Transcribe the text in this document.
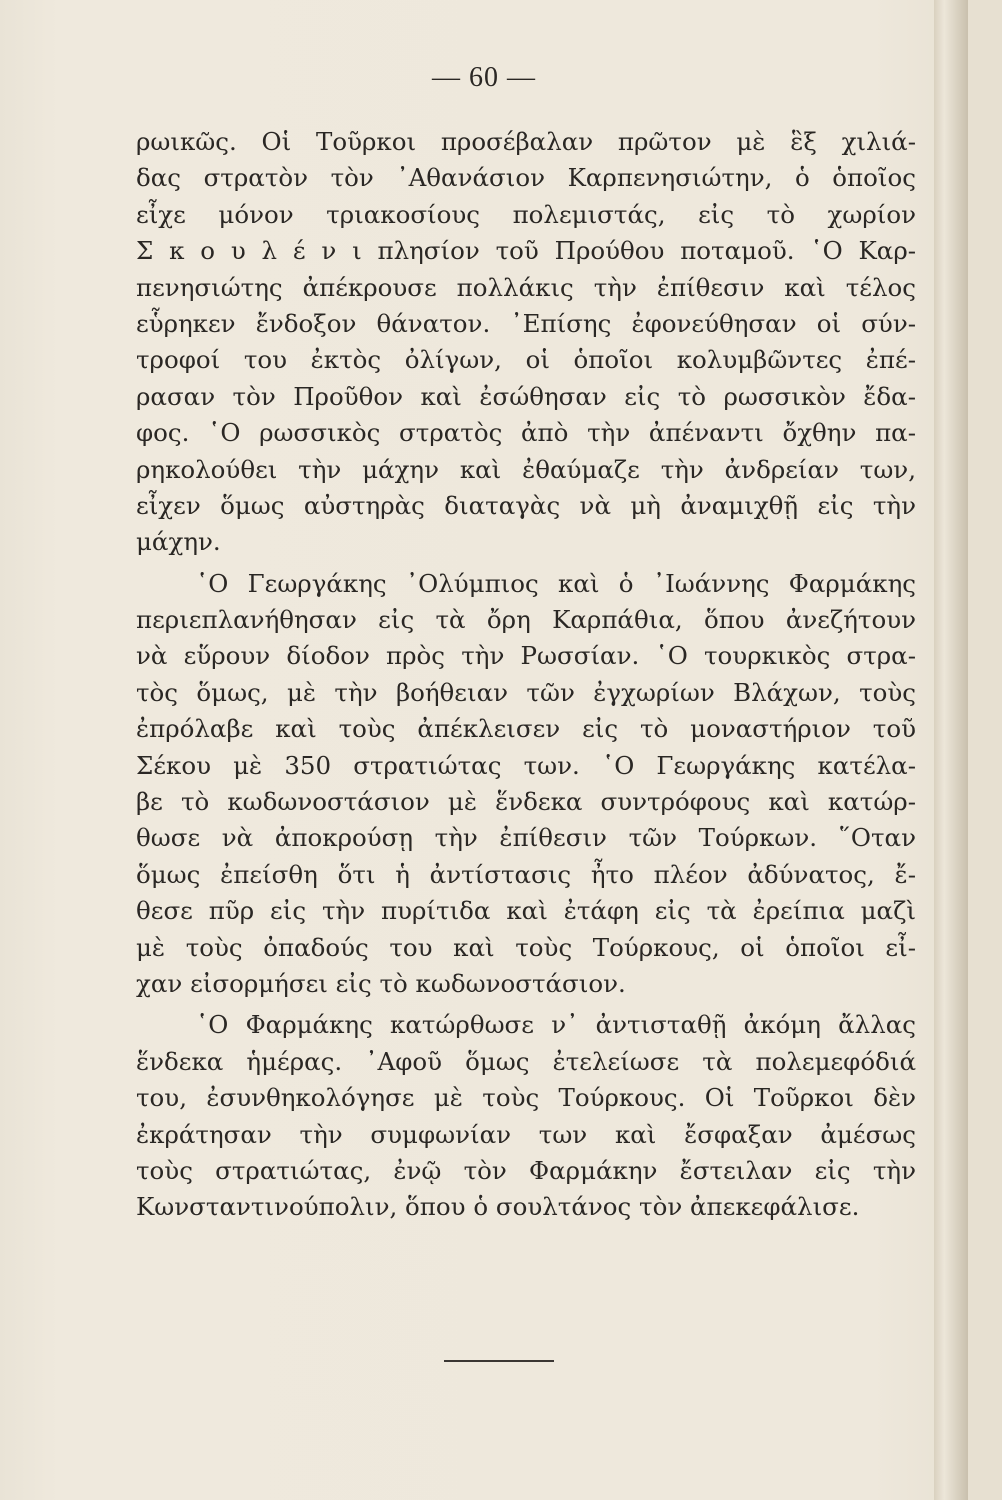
— 60 —

ρωικῶς. Οἱ Τοῦρκοι προσέβαλαν πρῶτον μὲ ἓξ χιλιά-
δας στρατὸν τὸν ᾿Αθανάσιον Καρπενησιώτην, ὁ ὁποῖος
εἶχε μόνον τριακοσίους πολεμιστάς, εἰς τὸ χωρίον
Σ κ ο υ λ έ ν ι πλησίον τοῦ Προύθου ποταμοῦ. ῾Ο Καρ-
πενησιώτης ἀπέκρουσε πολλάκις τὴν ἐπίθεσιν καὶ τέλος
εὗρηκεν ἔνδοξον θάνατον. ᾿Επίσης ἐφονεύθησαν οἱ σύν-
τροφοί του ἐκτὸς ὀλίγων, οἱ ὁποῖοι κολυμβῶντες ἐπέ-
ρασαν τὸν Προῦθον καὶ ἐσώθησαν εἰς τὸ ρωσσικὸν ἔδα-
φος. ῾Ο ρωσσικὸς στρατὸς ἀπὸ τὴν ἀπέναντι ὄχθην πα-
ρηκολούθει τὴν μάχην καὶ ἐθαύμαζε τὴν ἀνδρείαν των,
εἶχεν ὅμως αὐστηρὰς διαταγὰς νὰ μὴ ἀναμιχθῇ εἰς τὴν
μάχην.
῾Ο Γεωργάκης ᾿Ολύμπιος καὶ ὁ ᾿Ιωάννης Φαρμάκης
περιεπλανήθησαν εἰς τὰ ὄρη Καρπάθια, ὅπου ἀνεζήτουν
νὰ εὕρουν δίοδον πρὸς τὴν Ρωσσίαν. ῾Ο τουρκικὸς στρα-
τὸς ὅμως, μὲ τὴν βοήθειαν τῶν ἐγχωρίων Βλάχων, τοὺς
ἐπρόλαβε καὶ τοὺς ἀπέκλεισεν εἰς τὸ μοναστήριον τοῦ
Σέκου μὲ 350 στρατιώτας των. ῾Ο Γεωργάκης κατέλα-
βε τὸ κωδωνοστάσιον μὲ ἕνδεκα συντρόφους καὶ κατώρ-
θωσε νὰ ἀποκρούσῃ τὴν ἐπίθεσιν τῶν Τούρκων. ῞Οταν
ὅμως ἐπείσθη ὅτι ἡ ἀντίστασις ἦτο πλέον ἀδύνατος, ἔ-
θεσε πῦρ εἰς τὴν πυρίτιδα καὶ ἐτάφη εἰς τὰ ἐρείπια μαζὶ
μὲ τοὺς ὀπαδούς του καὶ τοὺς Τούρκους, οἱ ὁποῖοι εἶ-
χαν εἰσορμήσει εἰς τὸ κωδωνοστάσιον.
῾Ο Φαρμάκης κατώρθωσε ν᾿ ἀντισταθῇ ἀκόμη ἄλλας
ἕνδεκα ἡμέρας. ᾿Αφοῦ ὅμως ἐτελείωσε τὰ πολεμεφόδιά
του, ἐσυνθηκολόγησε μὲ τοὺς Τούρκους. Οἱ Τοῦρκοι δὲν
ἐκράτησαν τὴν συμφωνίαν των καὶ ἔσφαξαν ἀμέσως
τοὺς στρατιώτας, ἐνῷ τὸν Φαρμάκην ἔστειλαν εἰς τὴν
Κωνσταντινούπολιν, ὅπου ὁ σουλτάνος τὸν ἀπεκεφάλισε.
